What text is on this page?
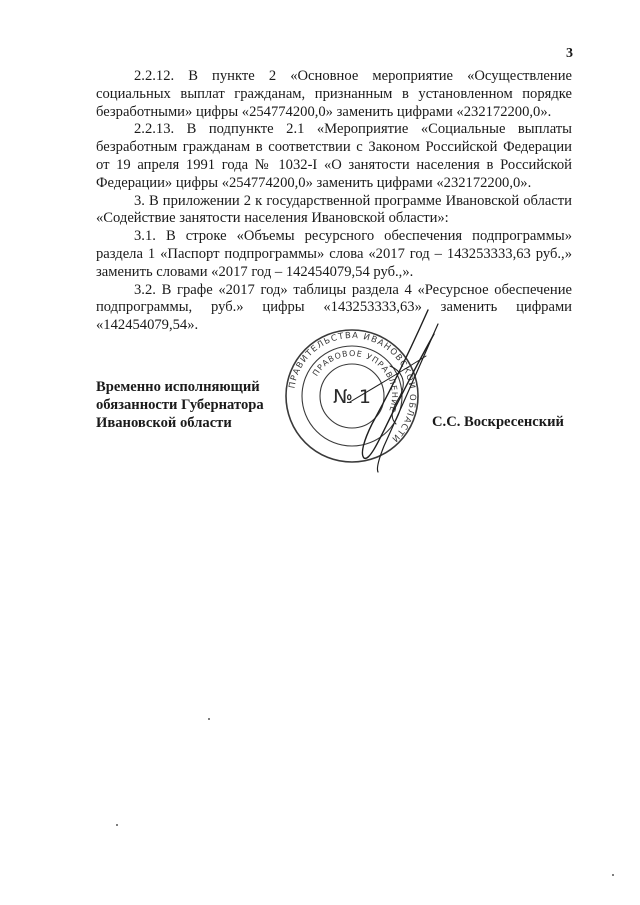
3

2.2.12. В пункте 2 «Основное мероприятие «Осуществление социальных выплат гражданам, признанным в установленном порядке безработными» цифры «254774200,0» заменить цифрами «232172200,0».

2.2.13. В подпункте 2.1 «Мероприятие «Социальные выплаты безработным гражданам в соответствии с Законом Российской Федерации от 19 апреля 1991 года № 1032-I «О занятости населения в Российской Федерации» цифры «254774200,0» заменить цифрами «232172200,0».

3. В приложении 2 к государственной программе Ивановской области «Содействие занятости населения Ивановской области»:

3.1. В строке «Объемы ресурсного обеспечения подпрограммы» раздела 1 «Паспорт подпрограммы» слова «2017 год – 143253333,63 руб.,» заменить словами «2017 год – 142454079,54 руб.,».

3.2. В графе «2017 год» таблицы раздела 4 «Ресурсное обеспечение подпрограммы, руб.» цифры «143253333,63» заменить цифрами «142454079,54».

Временно исполняющий
обязанности Губернатора
Ивановской области
ПРАВИТЕЛЬСТВА ИВАНОВСКОЙ ОБЛАСТИ
ПРАВОВОЕ УПРАВЛЕНИЕ
№ 1
С.С. Воскресенский
